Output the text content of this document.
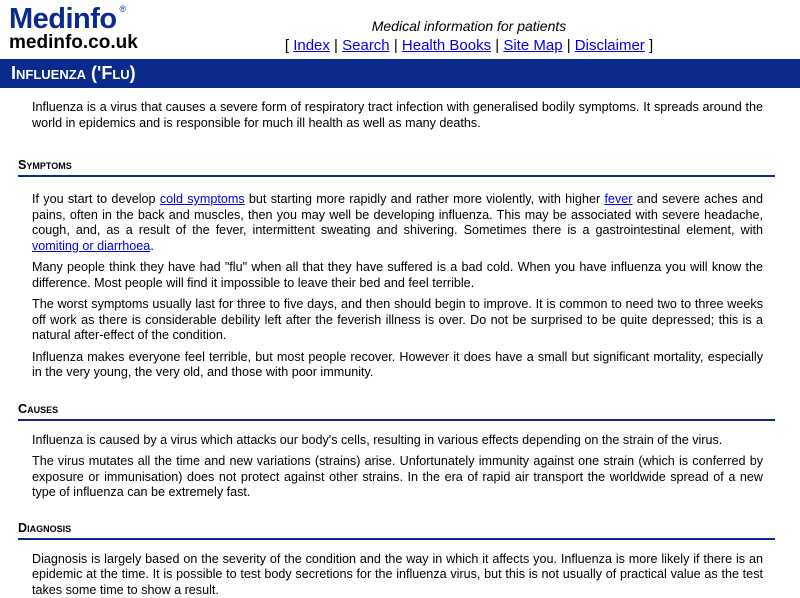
Medinfo ®
medinfo.co.uk
Medical information for patients
[ Index | Search | Health Books | Site Map | Disclaimer ]
Influenza ('Flu)

Influenza is a virus that causes a severe form of respiratory tract infection with generalised bodily symptoms. It spreads around the world in epidemics and is responsible for much ill health as well as many deaths.

Symptoms

If you start to develop cold symptoms but starting more rapidly and rather more violently, with higher fever and severe aches and pains, often in the back and muscles, then you may well be developing influenza. This may be associated with severe headache, cough, and, as a result of the fever, intermittent sweating and shivering. Sometimes there is a gastrointestinal element, with vomiting or diarrhoea.

Many people think they have had "flu" when all that they have suffered is a bad cold. When you have influenza you will know the difference. Most people will find it impossible to leave their bed and feel terrible.

The worst symptoms usually last for three to five days, and then should begin to improve. It is common to need two to three weeks off work as there is considerable debility left after the feverish illness is over. Do not be surprised to be quite depressed; this is a natural after-effect of the condition.

Influenza makes everyone feel terrible, but most people recover. However it does have a small but significant mortality, especially in the very young, the very old, and those with poor immunity.

Causes

Influenza is caused by a virus which attacks our body's cells, resulting in various effects depending on the strain of the virus.

The virus mutates all the time and new variations (strains) arise. Unfortunately immunity against one strain (which is conferred by exposure or immunisation) does not protect against other strains. In the era of rapid air transport the worldwide spread of a new type of influenza can be extremely fast.

Diagnosis

Diagnosis is largely based on the severity of the condition and the way in which it affects you. Influenza is more likely if there is an epidemic at the time. It is possible to test body secretions for the influenza virus, but this is not usually of practical value as the test takes some time to show a result.
